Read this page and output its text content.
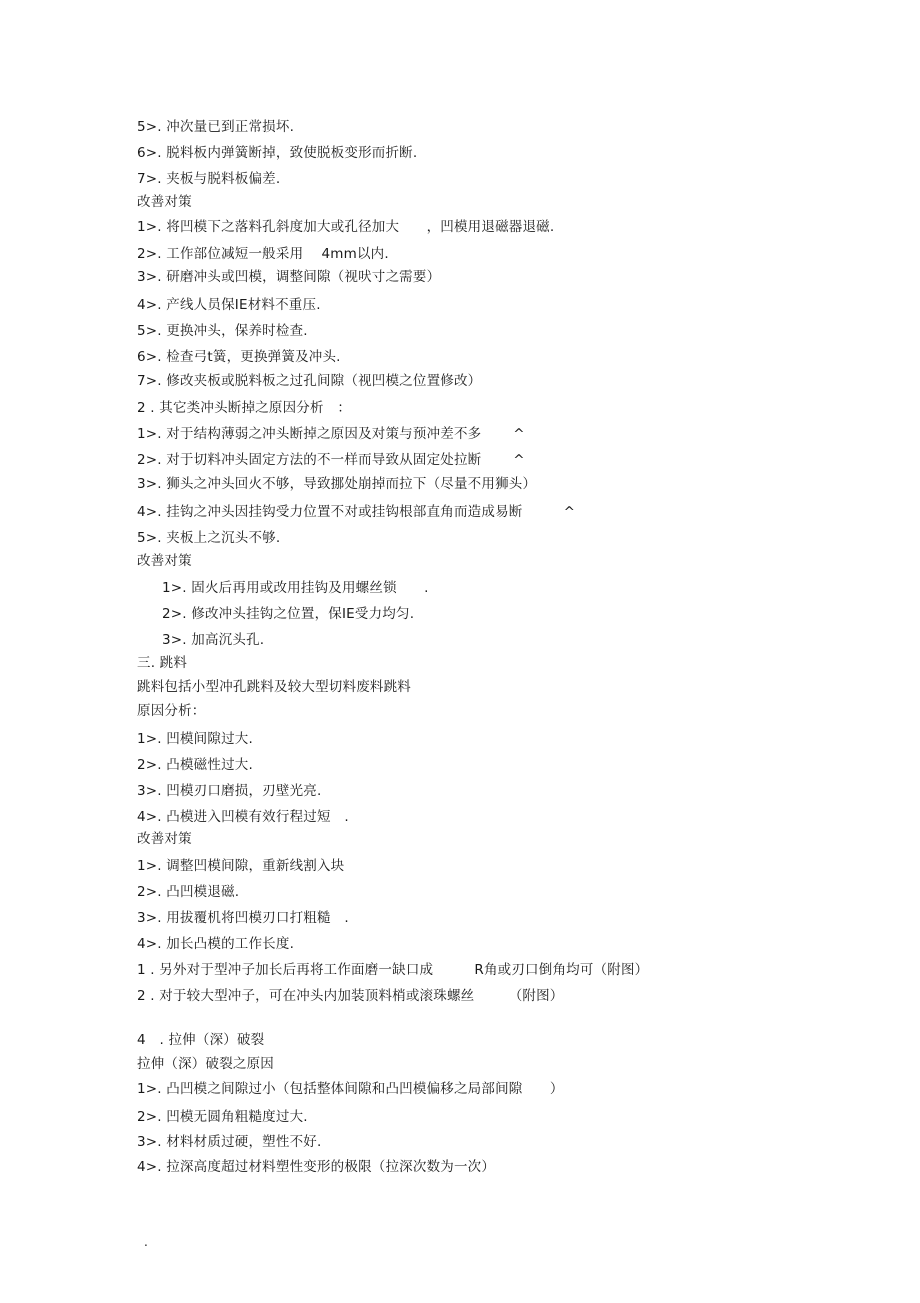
5>. 冲次量已到正常损坏.
6>. 脱料板内弹簧断掉，致使脱板变形而折断.
7>. 夹板与脱料板偏差.
改善对策
1>. 将凹模下之落料孔斜度加大或孔径加大　　，凹模用退磁器退磁.
2>. 工作部位减短一般采用　 4mm以内.
3>. 研磨冲头或凹模，调整间隙（视吠寸之需要）
4>. 产线人员保IE材料不重压.
5>. 更换冲头，保养时检查.
6>. 检查弓t簧，更换弹簧及冲头.
7>. 修改夹板或脱料板之过孔间隙（视凹模之位置修改）
2 . 其它类冲头断掉之原因分析　：
1>. 对于结构薄弱之冲头断掉之原因及对策与预冲差不多　　 ^
2>. 对于切料冲头固定方法的不一样而导致从固定处拉断　　 ^
3>. 狮头之冲头回火不够，导致挪处崩掉而拉下（尽量不用狮头）
4>. 挂钩之冲头因挂钩受力位置不对或挂钩根部直角而造成易断　　　^
5>. 夹板上之沉头不够.
改善对策
1>. 固火后再用或改用挂钩及用螺丝锁　　.
2>. 修改冲头挂钩之位置，保IE受力均匀.
3>. 加高沉头孔.
三. 跳料
跳料包括小型冲孔跳料及较大型切料废料跳料
原因分析：
1>. 凹模间隙过大.
2>. 凸模磁性过大.
3>. 凹模刃口磨损，刃壁光亮.
4>. 凸模进入凹模有效行程过短　.
改善对策
1>. 调整凹模间隙，重新线割入块
2>. 凸凹模退磁.
3>. 用拔覆机将凹模刃口打粗糙　.
4>. 加长凸模的工作长度.
1 . 另外对于型冲子加长后再将工作面磨一缺口成　　　R角或刃口倒角均可（附图）
2 . 对于较大型冲子，可在冲头内加装顶料梢或滚珠螺丝　　　（附图）
4　. 拉伸（深）破裂
拉伸（深）破裂之原因
1>. 凸凹模之间隙过小（包括整体间隙和凸凹模偏移之局部间隙　　）
2>. 凹模无圆角粗糙度过大.
3>. 材料材质过硬，塑性不好.
4>. 拉深高度超过材料塑性变形的极限（拉深次数为一次）
.
